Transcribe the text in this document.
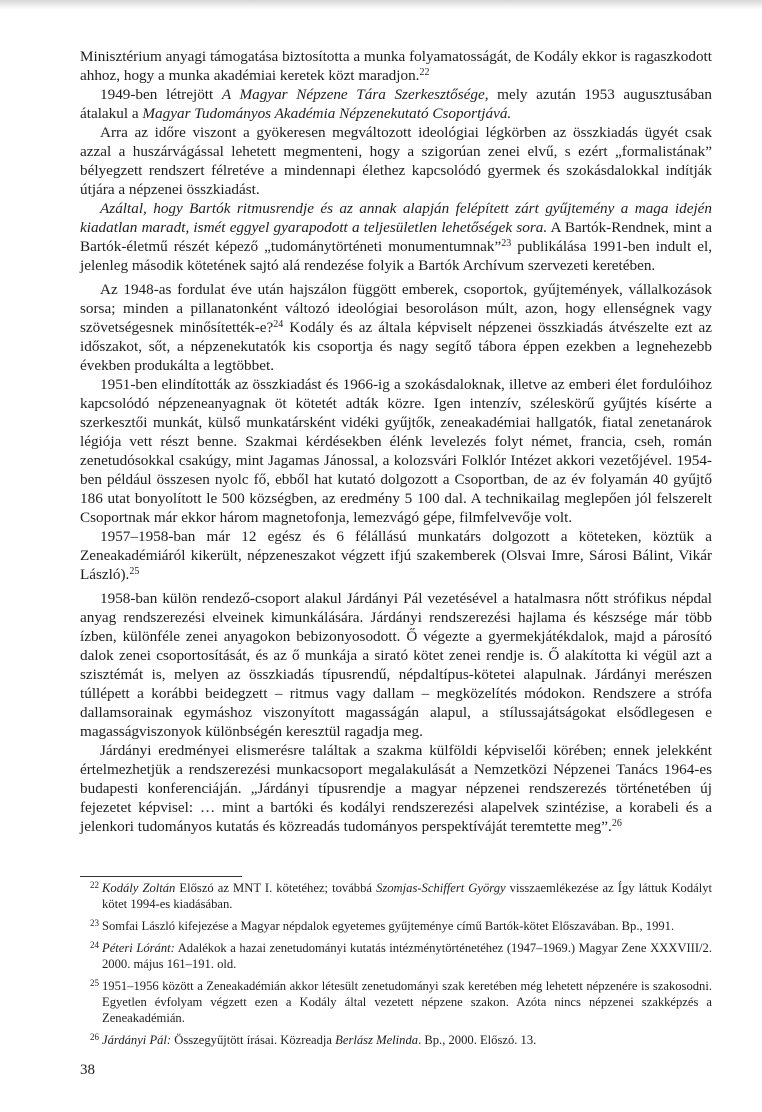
Minisztérium anyagi támogatása biztosította a munka folyamatosságát, de Kodály ekkor is ragaszkodott ahhoz, hogy a munka akadémiai keretek közt maradjon.$^{22}$

1949-ben létrejött A Magyar Népzene Tára Szerkesztősége, mely azután 1953 augusztusában átalakul a Magyar Tudományos Akadémia Népzenekutató Csoportjává.

Arra az időre viszont a gyökeresen megváltozott ideológiai légkörben az összkiadás ügyét csak azzal a huszárvágással lehetett megmenteni, hogy a szigorúan zenei elvű, s ezért „formalistának” bélyegzett rendszert félretéve a mindennapi élethez kapcsolódó gyermek és szokásdalokkal indítják útjára a népzenei összkiadást.

Azáltal, hogy Bartók ritmusrendje és az annak alapján felépített zárt gyűjtemény a maga idején kiadatlan maradt, ismét eggyel gyarapodott a teljesületlen lehetőségek sora. A Bartók-Rendnek, mint a Bartók-életmű részét képező „tudománytörténeti monumentumnak”$^{23}$ publikálása 1991-ben indult el, jelenleg második kötetének sajtó alá rendezése folyik a Bartók Archívum szervezeti keretében.

Az 1948-as fordulat éve után hajszálon függött emberek, csoportok, gyűjtemények, vállalkozások sorsa; minden a pillanatonként változó ideológiai besoroláson múlt, azon, hogy ellenségnek vagy szövetségesnek minősítették-e?$^{24}$ Kodály és az általa képviselt népzenei összkiadás átvészelte ezt az időszakot, sőt, a népzenekutatók kis csoportja és nagy segítő tábora éppen ezekben a legnehezebb években produkálta a legtöbbet.

1951-ben elindították az összkiadást és 1966-ig a szokásdaloknak, illetve az emberi élet fordulóihoz kapcsolódó népzeneanyagnak öt kötetét adták közre. Igen intenzív, széleskörű gyűjtés kísérte a szerkesztői munkát, külső munkatársként vidéki gyűjtők, zeneakadémiai hallgatók, fiatal zenetanárok légiója vett részt benne. Szakmai kérdésekben élénk levelezés folyt német, francia, cseh, román zenetudósokkal csakúgy, mint Jagamas Jánossal, a kolozsvári Folklór Intézet akkori vezetőjével. 1954-ben például összesen nyolc fő, ebből hat kutató dolgozott a Csoportban, de az év folyamán 40 gyűjtő 186 utat bonyolított le 500 községben, az eredmény 5 100 dal. A technikailag meglepően jól felszerelt Csoportnak már ekkor három magnetofonja, lemezvágó gépe, filmfelvevője volt.

1957–1958-ban már 12 egész és 6 félállású munkatárs dolgozott a köteteken, köztük a Zeneakadémiáról kikerült, népzeneszakot végzett ifjú szakemberek (Olsvai Imre, Sárosi Bálint, Vikár László).$^{25}$

1958-ban külön rendező-csoport alakul Járdányi Pál vezetésével a hatalmasra nőtt strófikus népdal anyag rendszerezési elveinek kimunkálására. Járdányi rendszerezési hajlama és készsége már több ízben, különféle zenei anyagokon bebizonyosodott. Ő végezte a gyermekjátékdalok, majd a párosító dalok zenei csoportosítását, és az ő munkája a sirató kötet zenei rendje is. Ő alakította ki végül azt a szisztémát is, melyen az összkiadás típusrendű, népdaltípus-kötetei alapulnak. Járdányi merészen túllépett a korábbi beidegzett – ritmus vagy dallam – megközelítés módokon. Rendszere a strófa dallamsorainak egymáshoz viszonyított magasságán alapul, a stílussajátságokat elsődlegesen e magasságviszonyok különbségén keresztül ragadja meg.

Járdányi eredményei elismerésre találtak a szakma külföldi képviselői körében; ennek jelekként értelmezhetjük a rendszerezési munkacsoport megalakulását a Nemzetközi Népzenei Tanács 1964-es budapesti konferenciáján. „Járdányi típusrendje a magyar népzenei rendszerezés történetében új fejezetet képvisel: … mint a bartóki és kodályi rendszerezési alapelvek szintézise, a korabeli és a jelenkori tudományos kutatás és közreadás tudományos perspektíváját teremtette meg”.$^{26}$

22 Kodály Zoltán Előszó az MNT I. kötetéhez; továbbá Szomjas-Schiffert György visszaemlékezése az Így láttuk Kodályt kötet 1994-es kiadásában.

23 Somfai László kifejezése a Magyar népdalok egyetemes gyűjteménye című Bartók-kötet Előszavában. Bp., 1991.

24 Péteri Lóránt: Adalékok a hazai zenetudományi kutatás intézménytörténetéhez (1947–1969.) Magyar Zene XXXVIII/2. 2000. május 161–191. old.

25 1951–1956 között a Zeneakadémián akkor létesült zenetudományi szak keretében még lehetett népzenére is szakosodni. Egyetlen évfolyam végzett ezen a Kodály által vezetett népzene szakon. Azóta nincs népzenei szakképzés a Zeneakadémián.

26 Járdányi Pál: Összegyűjtött írásai. Közreadja Berlász Melinda. Bp., 2000. Előszó. 13.

38
